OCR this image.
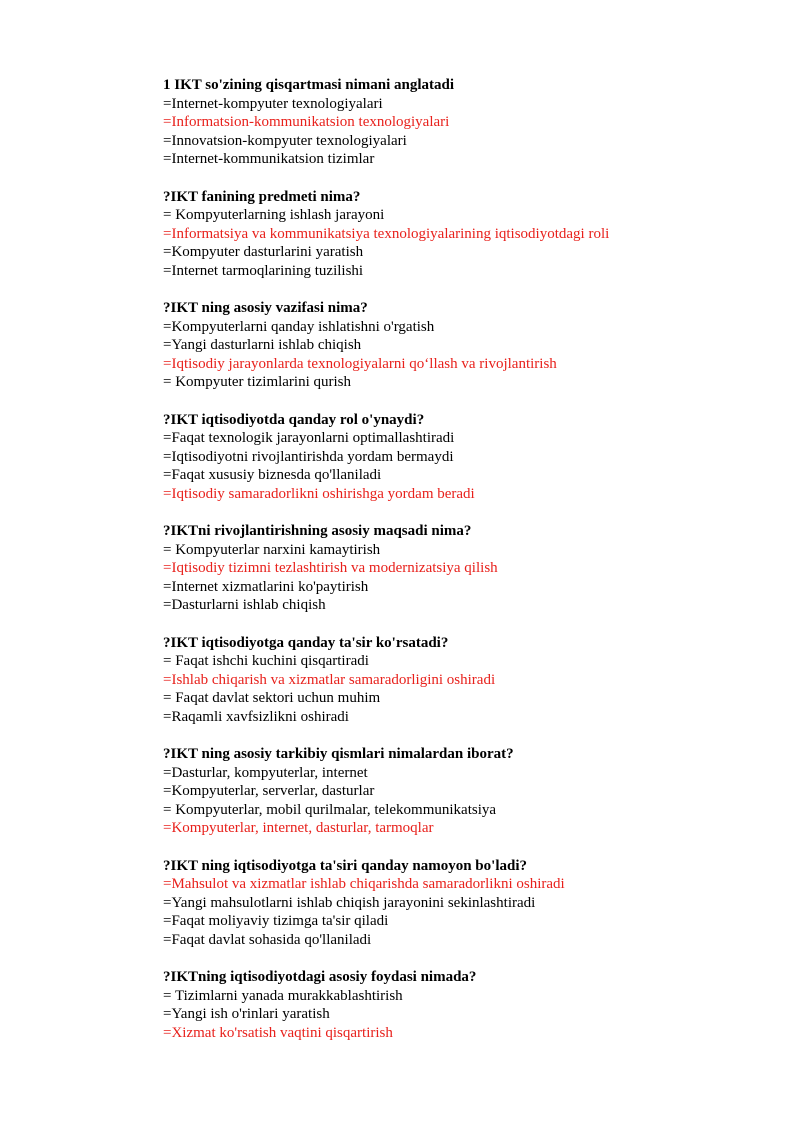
1 IKT so'zining qisqartmasi nimani anglatadi
=Internet-kompyuter texnologiyalari
=Informatsion-kommunikatsion texnologiyalari
=Innovatsion-kompyuter texnologiyalari
=Internet-kommunikatsion tizimlar
?IKT fanining predmeti nima?
= Kompyuterlarning ishlash jarayoni
=Informatsiya va kommunikatsiya texnologiyalarining iqtisodiyotdagi roli
=Kompyuter dasturlarini yaratish
=Internet tarmoqlarining tuzilishi
?IKT ning asosiy vazifasi nima?
=Kompyuterlarni qanday ishlatishni o'rgatish
=Yangi dasturlarni ishlab chiqish
=Iqtisodiy jarayonlarda texnologiyalarni qo‘llash va rivojlantirish
= Kompyuter tizimlarini qurish
?IKT iqtisodiyotda qanday rol o'ynaydi?
=Faqat texnologik jarayonlarni optimallashtiradi
=Iqtisodiyotni rivojlantirishda yordam bermaydi
=Faqat xususiy biznesda qo'llaniladi
=Iqtisodiy samaradorlikni oshirishga yordam beradi
?IKTni rivojlantirishning asosiy maqsadi nima?
= Kompyuterlar narxini kamaytirish
=Iqtisodiy tizimni tezlashtirish va modernizatsiya qilish
=Internet xizmatlarini ko'paytirish
=Dasturlarni ishlab chiqish
?IKT iqtisodiyotga qanday ta'sir ko'rsatadi?
= Faqat ishchi kuchini qisqartiradi
=Ishlab chiqarish va xizmatlar samaradorligini oshiradi
= Faqat davlat sektori uchun muhim
=Raqamli xavfsizlikni oshiradi
?IKT ning asosiy tarkibiy qismlari nimalardan iborat?
=Dasturlar, kompyuterlar, internet
=Kompyuterlar, serverlar, dasturlar
= Kompyuterlar, mobil qurilmalar, telekommunikatsiya
=Kompyuterlar, internet, dasturlar, tarmoqlar
?IKT ning iqtisodiyotga ta'siri qanday namoyon bo'ladi?
=Mahsulot va xizmatlar ishlab chiqarishda samaradorlikni oshiradi
=Yangi mahsulotlarni ishlab chiqish jarayonini sekinlashtiradi
=Faqat moliyaviy tizimga ta'sir qiladi
=Faqat davlat sohasida qo'llaniladi
?IKTning iqtisodiyotdagi asosiy foydasi nimada?
= Tizimlarni yanada murakkablashtirish
=Yangi ish o'rinlari yaratish
=Xizmat ko'rsatish vaqtini qisqartirish
